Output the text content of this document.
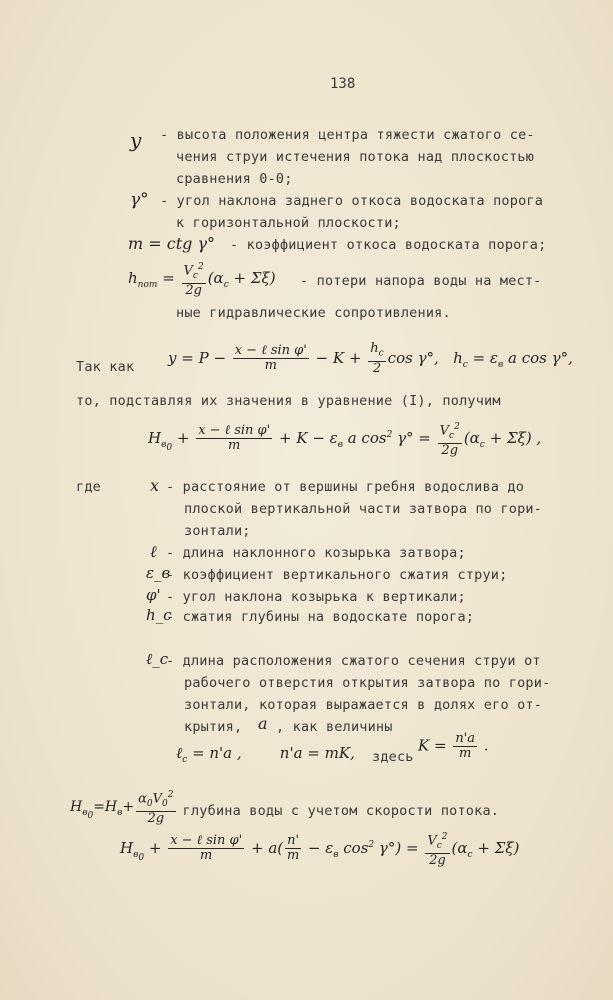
138
y - высота положения центра тяжести сжатого се-
чения струи истечения потока над плоскостью
сравнения 0-0;
γ° - угол наклона заднего откоса водоската порога
к горизонтальной плоскости;
m = ctg γ° - коэффициент откоса водоската порога;
$h_{пот} = \frac{V_c^2}{2g} (\alpha_c + \Sigma\xi)$ - потери напора воды на мест-
ные гидравлические сопротивления.
Так как
$y = P - \frac{\text{x − ℓ sin φ'}}{m} - K + \frac{h_c}{2}$ cos γ°,   $h_c = \varepsilon_в$ a cos γ°,
то, подставляя их значения в уравнение (I), получим
$H_{в_0} + \frac{\text{x − ℓ sin φ'}}{m} + K - \varepsilon_в$ a $\cos^2 \gamma^\circ = \frac{V_c^2}{2g} (\alpha_c + \Sigma\xi)$ ,
где	x - расстояние от вершины гребня водослива до
плоской вертикальной части затвора по гори-
зонтали;
ℓ - длина наклонного козырька затвора;
ε_в
- коэффициент вертикального сжатия струи;
φ' - угол наклона козырька к вертикали;
h_c
- сжатия глубины на водоскате порога;
ℓ_c
- длина расположения сжатого сечения струи от
рабочего отверстия открытия затвора по гори-
зонтали, которая выражается в долях его от-
крытия, a , как величины
ℓ$_c$ = n'a ,        n'a = mK, здесь
$K = \frac{n'a}{m}$ .
$H_{в_0}=H_в+ \frac{\alpha_0V_0^2}{2g}$
- глубина воды с учетом скорости потока.
$H_{в_0} + \frac{\text{x − ℓ sin φ'}}{m} + a( \frac{n'}{m} - \varepsilon_в$ $\cos^2 \gamma^\circ) = \frac{V_c^2}{2g} (\alpha_c + \Sigma\xi)$
